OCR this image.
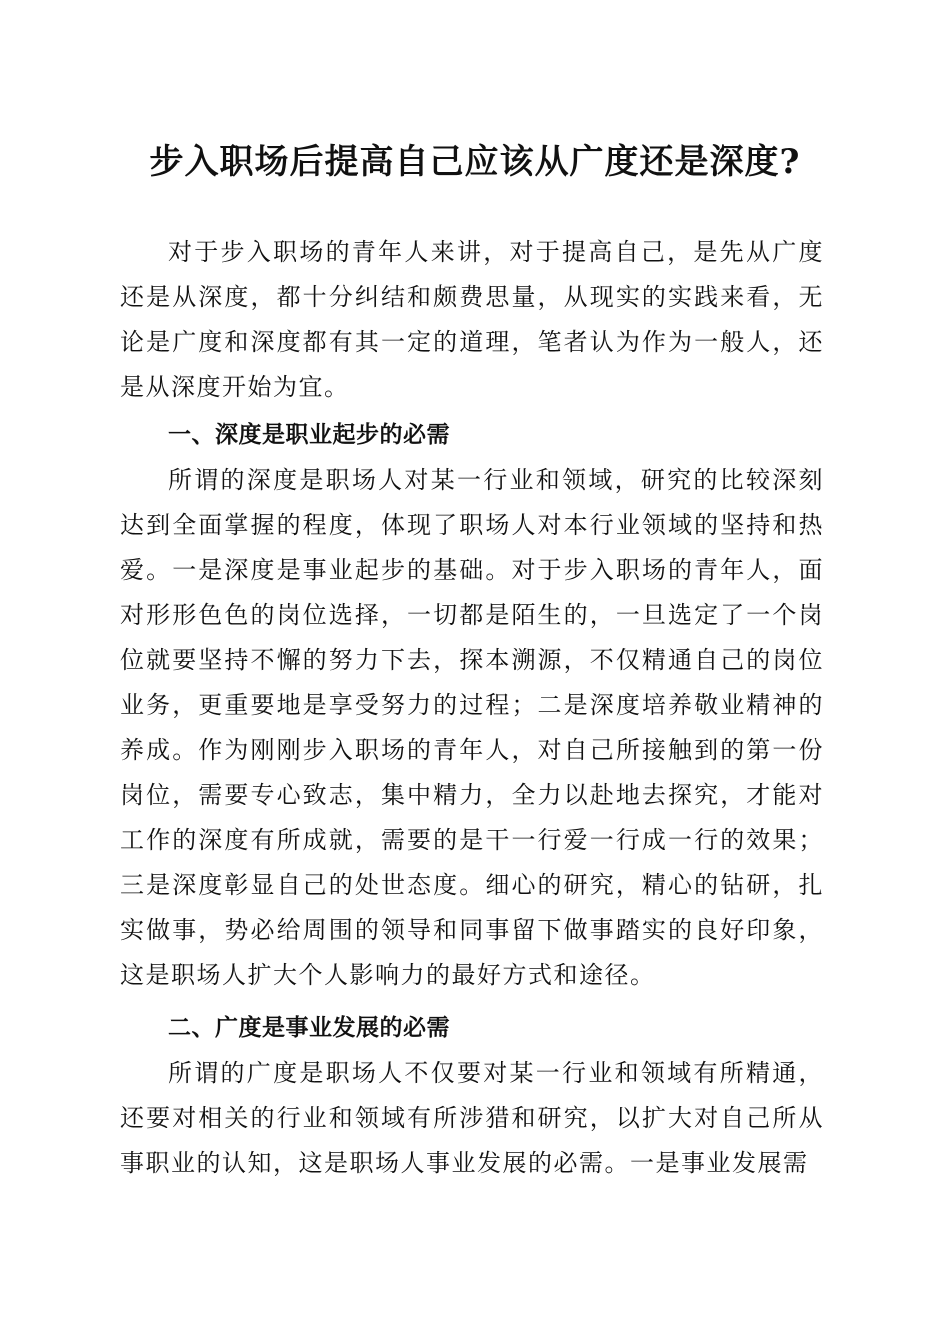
步入职场后提高自己应该从广度还是深度?

对于步入职场的青年人来讲，对于提高自己，是先从广度还是从深度，都十分纠结和颇费思量，从现实的实践来看，无论是广度和深度都有其一定的道理，笔者认为作为一般人，还是从深度开始为宜。

一、深度是职业起步的必需

所谓的深度是职场人对某一行业和领域，研究的比较深刻达到全面掌握的程度，体现了职场人对本行业领域的坚持和热爱。一是深度是事业起步的基础。对于步入职场的青年人，面对形形色色的岗位选择，一切都是陌生的，一旦选定了一个岗位就要坚持不懈的努力下去，探本溯源，不仅精通自己的岗位业务，更重要地是享受努力的过程；二是深度培养敬业精神的养成。作为刚刚步入职场的青年人，对自己所接触到的第一份岗位，需要专心致志，集中精力，全力以赴地去探究，才能对工作的深度有所成就，需要的是干一行爱一行成一行的效果；三是深度彰显自己的处世态度。细心的研究，精心的钻研，扎实做事，势必给周围的领导和同事留下做事踏实的良好印象，这是职场人扩大个人影响力的最好方式和途径。

二、广度是事业发展的必需

所谓的广度是职场人不仅要对某一行业和领域有所精通，还要对相关的行业和领域有所涉猎和研究，以扩大对自己所从事职业的认知，这是职场人事业发展的必需。一是事业发展需
